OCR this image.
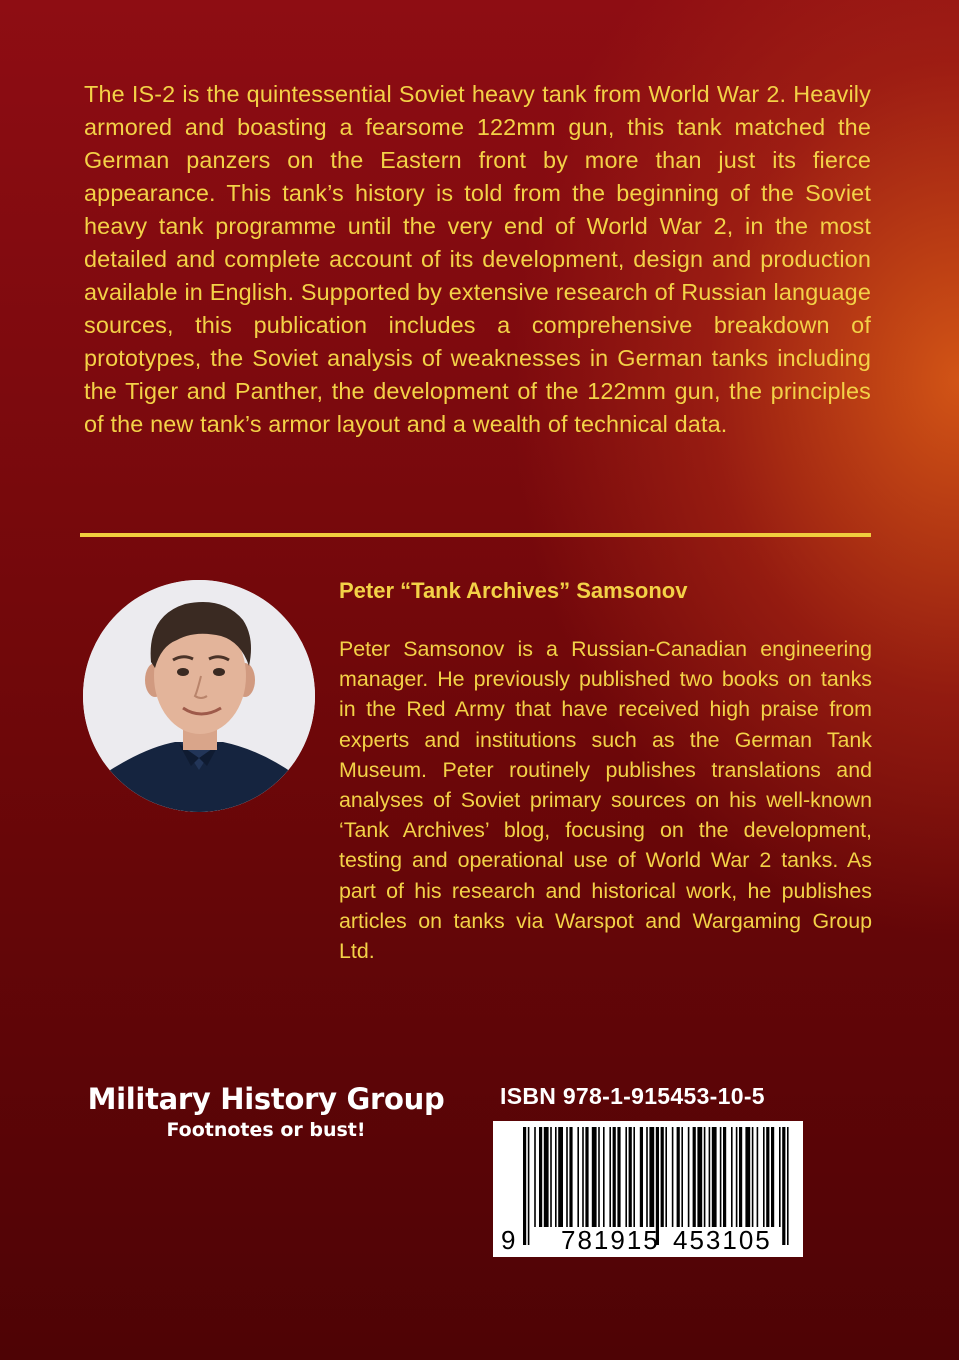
The IS-2 is the quintessential Soviet heavy tank from World War 2. Heavily armored and boasting a fearsome 122mm gun, this tank matched the German panzers on the Eastern front by more than just its fierce appearance. This tank’s history is told from the beginning of the Soviet heavy tank programme until the very end of World War 2, in the most detailed and complete account of its development, design and production available in English. Supported by extensive research of Russian language sources, this publication includes a comprehensive breakdown of prototypes, the Soviet analysis of weaknesses in German tanks including the Tiger and Panther, the development of the 122mm gun, the principles of the new tank’s armor layout and a wealth of technical data.

Peter “Tank Archives” Samsonov

Peter Samsonov is a Russian-Canadian engineering manager. He previously published two books on tanks in the Red Army that have received high praise from experts and institutions such as the German Tank Museum. Peter routinely publishes translations and analyses of Soviet primary sources on his well-known ‘Tank Archives’ blog, focusing on the development, testing and operational use of World War 2 tanks. As part of his research and historical work, he publishes articles on tanks via Warspot and Wargaming Group Ltd.

Military History Group
Footnotes or bust!
ISBN 978-1-915453-10-5
9 781915 453105
